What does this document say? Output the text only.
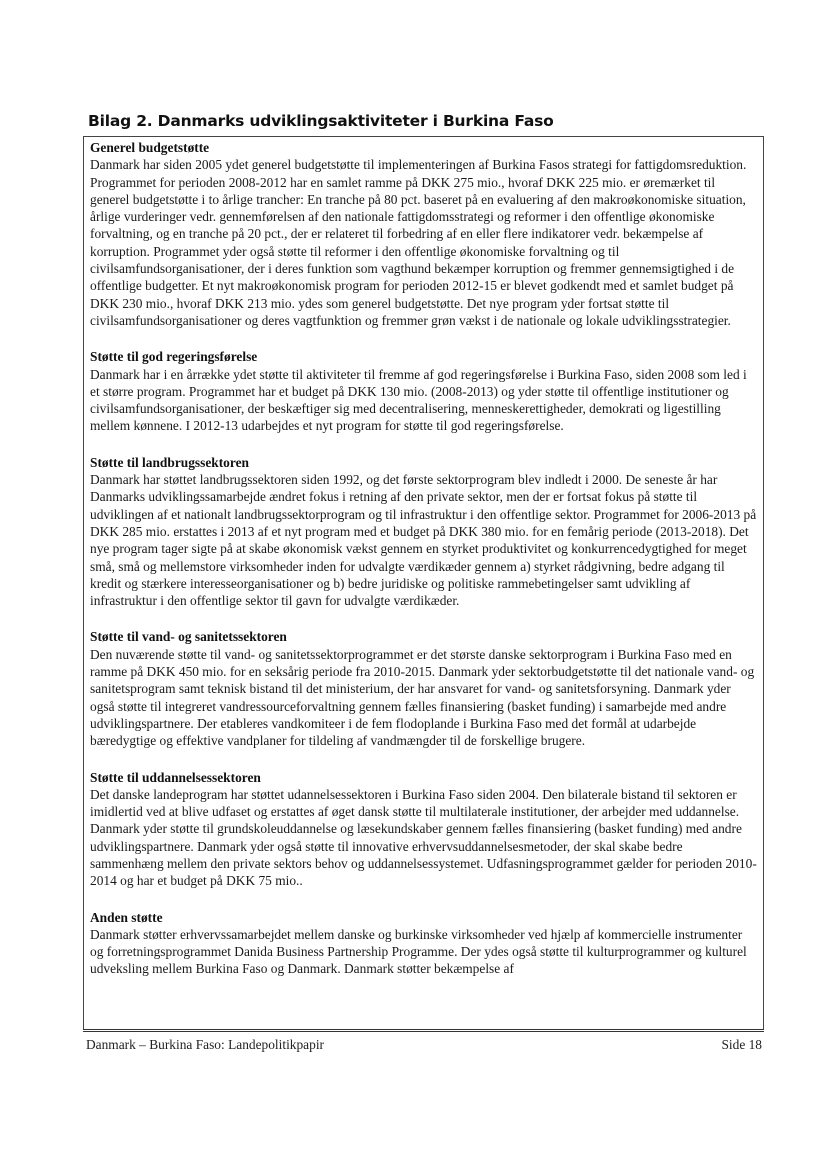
Bilag 2. Danmarks udviklingsaktiviteter i Burkina Faso
Generel budgetstøtte

Danmark har siden 2005 ydet generel budgetstøtte til implementeringen af Burkina Fasos strategi for fattigdomsreduktion. Programmet for perioden 2008-2012 har en samlet ramme på DKK 275 mio., hvoraf DKK 225 mio. er øremærket til generel budgetstøtte i to årlige trancher: En tranche på 80 pct. baseret på en evaluering af den makroøkonomiske situation, årlige vurderinger vedr. gennemførelsen af den nationale fattigdomsstrategi og reformer i den offentlige økonomiske forvaltning, og en tranche på 20 pct., der er relateret til forbedring af en eller flere indikatorer vedr. bekæmpelse af korruption. Programmet yder også støtte til reformer i den offentlige økonomiske forvaltning og til civilsamfundsorganisationer, der i deres funktion som vagthund bekæmper korruption og fremmer gennemsigtighed i de offentlige budgetter. Et nyt makroøkonomisk program for perioden 2012-15 er blevet godkendt med et samlet budget på DKK 230 mio., hvoraf DKK 213 mio. ydes som generel budgetstøtte. Det nye program yder fortsat støtte til civilsamfundsorganisationer og deres vagtfunktion og fremmer grøn vækst i de nationale og lokale udviklingsstrategier.

Støtte til god regeringsførelse

Danmark har i en årrække ydet støtte til aktiviteter til fremme af god regeringsførelse i Burkina Faso, siden 2008 som led i et større program. Programmet har et budget på DKK 130 mio. (2008-2013) og yder støtte til offentlige institutioner og civilsamfundsorganisationer, der beskæftiger sig med decentralisering, menneskerettigheder, demokrati og ligestilling mellem kønnene. I 2012-13 udarbejdes et nyt program for støtte til god regeringsførelse.

Støtte til landbrugssektoren

Danmark har støttet landbrugssektoren siden 1992, og det første sektorprogram blev indledt i 2000. De seneste år har Danmarks udviklingssamarbejde ændret fokus i retning af den private sektor, men der er fortsat fokus på støtte til udviklingen af et nationalt landbrugssektorprogram og til infrastruktur i den offentlige sektor. Programmet for 2006-2013 på DKK 285 mio. erstattes i 2013 af et nyt program med et budget på DKK 380 mio. for en femårig periode (2013-2018). Det nye program tager sigte på at skabe økonomisk vækst gennem en styrket produktivitet og konkurrencedygtighed for meget små, små og mellemstore virksomheder inden for udvalgte værdikæder gennem a) styrket rådgivning, bedre adgang til kredit og stærkere interesseorganisationer og b) bedre juridiske og politiske rammebetingelser samt udvikling af infrastruktur i den offentlige sektor til gavn for udvalgte værdikæder.

Støtte til vand- og sanitetssektoren

Den nuværende støtte til vand- og sanitetssektorprogrammet er det største danske sektorprogram i Burkina Faso med en ramme på DKK 450 mio. for en seksårig periode fra 2010-2015. Danmark yder sektorbudgetstøtte til det nationale vand- og sanitetsprogram samt teknisk bistand til det ministerium, der har ansvaret for vand- og sanitetsforsyning. Danmark yder også støtte til integreret vandressourceforvaltning gennem fælles finansiering (basket funding) i samarbejde med andre udviklingspartnere. Der etableres vandkomiteer i de fem flodoplande i Burkina Faso med det formål at udarbejde bæredygtige og effektive vandplaner for tildeling af vandmængder til de forskellige brugere.

Støtte til uddannelsessektoren

Det danske landeprogram har støttet udannelsessektoren i Burkina Faso siden 2004. Den bilaterale bistand til sektoren er imidlertid ved at blive udfaset og erstattes af øget dansk støtte til multilaterale institutioner, der arbejder med uddannelse. Danmark yder støtte til grundskoleuddannelse og læsekundskaber gennem fælles finansiering (basket funding) med andre udviklingspartnere. Danmark yder også støtte til innovative erhvervsuddannelsesmetoder, der skal skabe bedre sammenhæng mellem den private sektors behov og uddannelsessystemet. Udfasningsprogrammet gælder for perioden 2010-2014 og har et budget på DKK 75 mio..

Anden støtte

Danmark støtter erhvervssamarbejdet mellem danske og burkinske virksomheder ved hjælp af kommercielle instrumenter og forretningsprogrammet Danida Business Partnership Programme. Der ydes også støtte til kulturprogrammer og kulturel udveksling mellem Burkina Faso og Danmark. Danmark støtter bekæmpelse af

Danmark – Burkina Faso: Landepolitikpapir	Side 18
